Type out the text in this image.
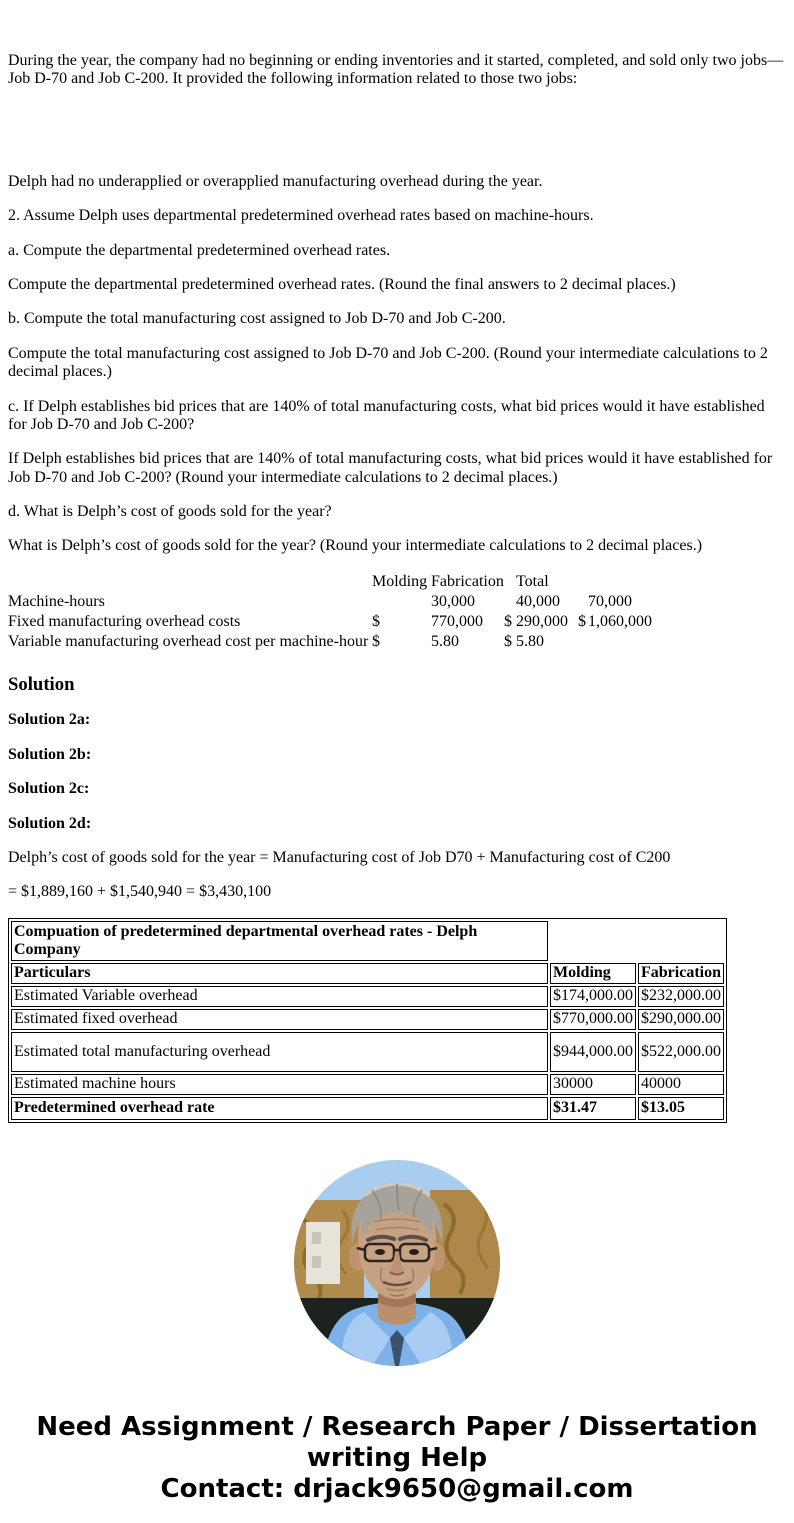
During the year, the company had no beginning or ending inventories and it started, completed, and sold only two jobs—Job D-70 and Job C-200. It provided the following information related to those two jobs:

Delph had no underapplied or overapplied manufacturing overhead during the year.

2. Assume Delph uses departmental predetermined overhead rates based on machine-hours.

a. Compute the departmental predetermined overhead rates.

Compute the departmental predetermined overhead rates. (Round the final answers to 2 decimal places.)

b. Compute the total manufacturing cost assigned to Job D-70 and Job C-200.

Compute the total manufacturing cost assigned to Job D-70 and Job C-200. (Round your intermediate calculations to 2 decimal places.)

c. If Delph establishes bid prices that are 140% of total manufacturing costs, what bid prices would it have established for Job D-70 and Job C-200?

If Delph establishes bid prices that are 140% of total manufacturing costs, what bid prices would it have established for Job D-70 and Job C-200? (Round your intermediate calculations to 2 decimal places.)

d. What is Delph’s cost of goods sold for the year?

What is Delph’s cost of goods sold for the year? (Round your intermediate calculations to 2 decimal places.)

	Molding	Fabrication		Total		
Machine-hours		30,000		40,000		70,000
Fixed manufacturing overhead costs	$	770,000	$	290,000	$	1,060,000
Variable manufacturing overhead cost per machine-hour	$	5.80	$	5.80		
Solution

Solution 2a:

Solution 2b:

Solution 2c:

Solution 2d:

Delph’s cost of goods sold for the year = Manufacturing cost of Job D70 + Manufacturing cost of C200

= $1,889,160 + $1,540,940 = $3,430,100

Compuation of predetermined departmental overhead rates - Delph Company		
Particulars	Molding	Fabrication
Estimated Variable overhead	$174,000.00	$232,000.00
Estimated fixed overhead	$770,000.00	$290,000.00
Estimated total manufacturing overhead	$944,000.00	$522,000.00
Estimated machine hours	30000	40000
Predetermined overhead rate	$31.47	$13.05
Need Assignment / Research Paper / Dissertation
writing Help
Contact: drjack9650@gmail.com
